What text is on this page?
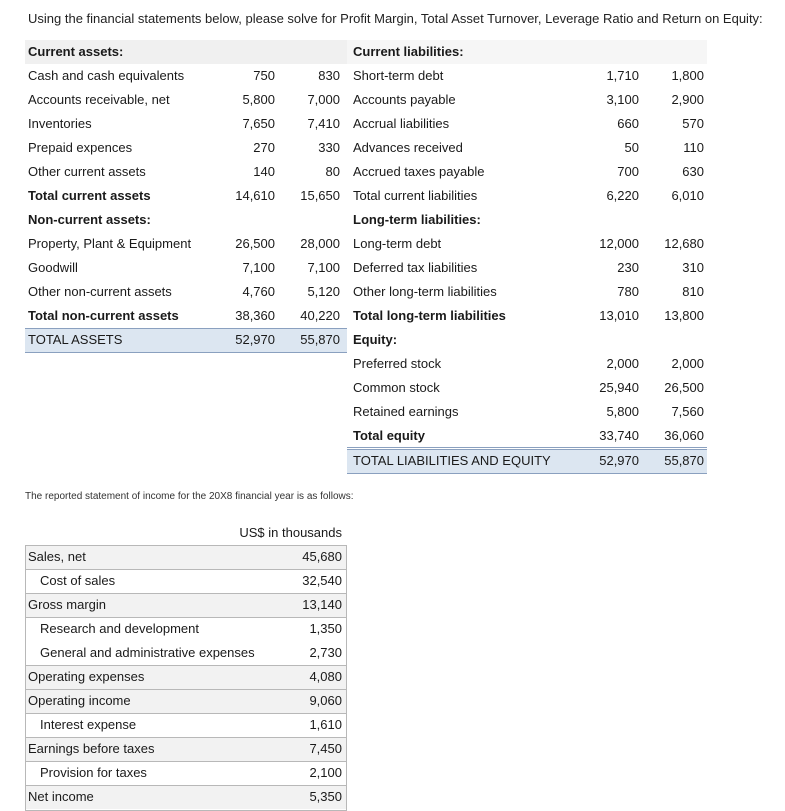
Using the financial statements below, please solve for Profit Margin, Total Asset Turnover, Leverage Ratio and Return on Equity:
Current assets:	Current liabilities:
Cash and cash equivalents	750	830 Short-term debt	1,710 1,800
Accounts receivable, net	5,800 7,000 Accounts payable	3,100 2,900
Inventories	7,650 7,410 Accrual liabilities	660	570
Prepaid expences	270	330 Advances received	50	110
Other current assets	140	80 Accrued taxes payable	700	630
Total current assets	14,610 15,650 Total current liabilities	6,220 6,010
Non-current assets:	Long-term liabilities:
Property, Plant & Equipment	26,500 28,000 Long-term debt	12,000 12,680
Goodwill	7,100 7,100 Deferred tax liabilities	230	310
Other non-current assets	4,760 5,120 Other long-term liabilities	780	810
Total non-current assets	38,360 40,220 Total long-term liabilities	13,010 13,800
TOTAL ASSETS	52,970 55,870 Equity:
Preferred stock	2,000 2,000
Common stock	25,940 26,500
Retained earnings	5,800 7,560
Total equity	33,740 36,060
TOTAL LIABILITIES AND EQUITY	52,970 55,870
The reported statement of income for the 20X8 financial year is as follows:
US$ in thousands
Sales, net	45,680
Cost of sales	32,540
Gross margin	13,140
Research and development	1,350
General and administrative expenses	2,730
Operating expenses	4,080
Operating income	9,060
Interest expense	1,610
Earnings before taxes	7,450
Provision for taxes	2,100
Net income	5,350
